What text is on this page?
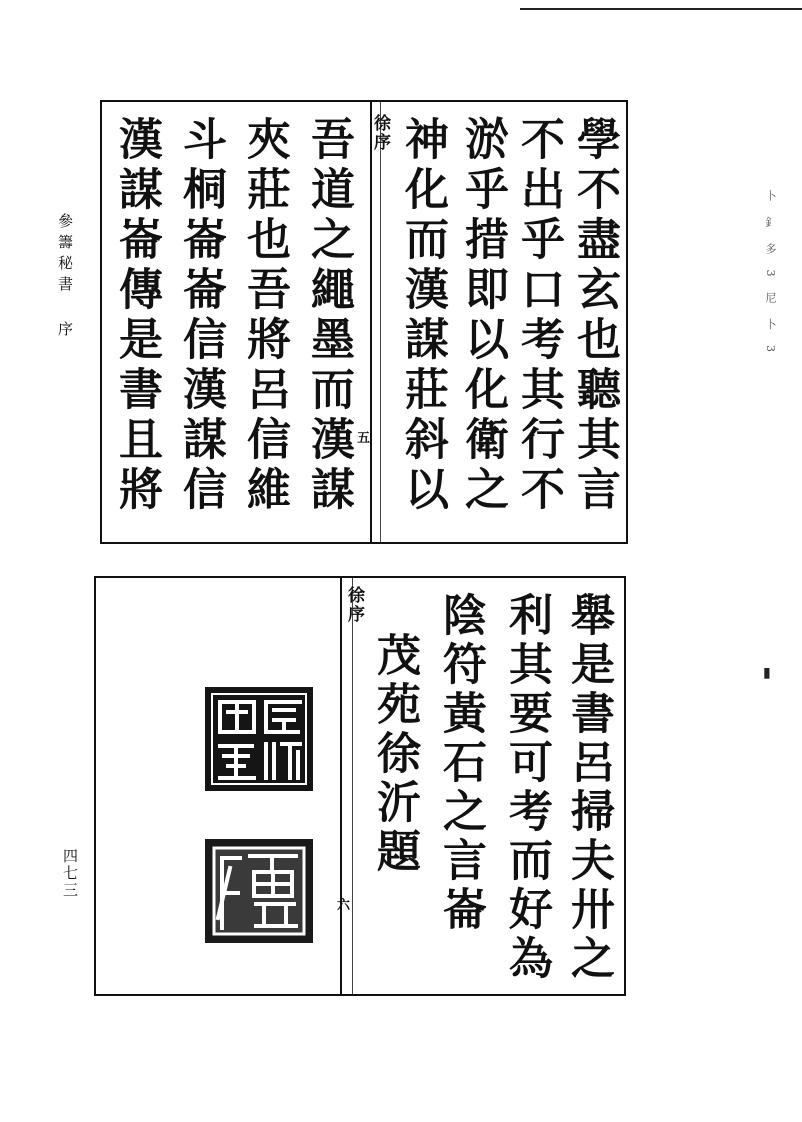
參
籌
秘
書
序
四七三
卜 釒 多 3 尼 卜 3
▮
徐序
五	學不盡玄也聽其言
不出乎口考其行不
淤乎措即以化衛之
神化而漢謀莊斜以
吾道之繩墨而漢謀
夾莊也吾將呂信維
斗桐崙崙信漢謀信
漢謀崙傳是書且將
徐序
六	舉是書呂掃夫卅之
利其要可考而好為
陰符黃石之言崙
茂苑徐沂題
